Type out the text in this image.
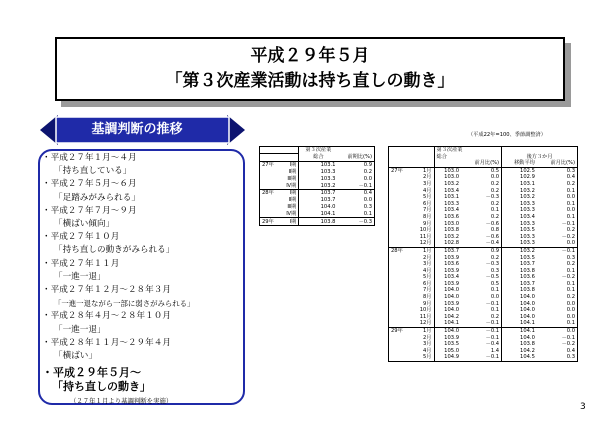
平成２９年５月
「第３次産業活動は持ち直しの動き」
基調判断の推移
・平成２７年１月～４月
「持ち直している」
・平成２７年５月～６月
「足踏みがみられる」
・平成２７年７月～９月
「横ばい傾向」
・平成２７年１０月
「持ち直しの動きがみられる」
・平成２７年１１月
「一進一退」
・平成２７年１２月～２８年３月
「一進一退ながら一部に弱さがみられる」
・平成２８年４月～２８年１０月
「一進一退」
・平成２８年１１月～２９年４月
「横ばい」
・平成２９年５月～
「持ち直しの動き」
（２７年１月より基調判断を実施）
		第３次産業	
		総合	前期比(%)
27年	Ⅰ期	103.1	0.9
	Ⅱ期	103.3	0.2
	Ⅲ期	103.3	0.0
	Ⅳ期	103.2	－0.1
28年	Ⅰ期	103.7	0.4
	Ⅱ期	103.7	0.0
	Ⅲ期	104.0	0.3
	Ⅳ期	104.1	0.1
29年	Ⅰ期	103.8	－0.3
（平成22年=100、季節調整済）
		第３次産業			
		総合		後方３か月	
			前月比(%)	移動平均	前月比(%)
27年	1月	103.0	0.5	102.5	0.3
	2月	103.0	0.0	102.9	0.4
	3月	103.2	0.2	103.1	0.2
	4月	103.4	0.2	103.2	0.1
	5月	103.1	－0.3	103.2	0.0
	6月	103.3	0.2	103.3	0.1
	7月	103.4	0.1	103.3	0.0
	8月	103.6	0.2	103.4	0.1
	9月	103.0	－0.6	103.3	－0.1
	10月	103.8	0.8	103.5	0.2
	11月	103.2	－0.6	103.3	－0.2
	12月	102.8	－0.4	103.3	0.0
28年	1月	103.7	0.9	103.2	－0.1
	2月	103.9	0.2	103.5	0.3
	3月	103.6	－0.3	103.7	0.2
	4月	103.9	0.3	103.8	0.1
	5月	103.4	－0.5	103.6	－0.2
	6月	103.9	0.5	103.7	0.1
	7月	104.0	0.1	103.8	0.1
	8月	104.0	0.0	104.0	0.2
	9月	103.9	－0.1	104.0	0.0
	10月	104.0	0.1	104.0	0.0
	11月	104.2	0.2	104.0	0.0
	12月	104.1	－0.1	104.1	0.1
29年	1月	104.0	－0.1	104.1	0.0
	2月	103.9	－0.1	104.0	－0.1
	3月	103.5	－0.4	103.8	－0.2
	4月	105.0	1.4	104.2	0.4
	5月	104.9	－0.1	104.5	0.3
3
